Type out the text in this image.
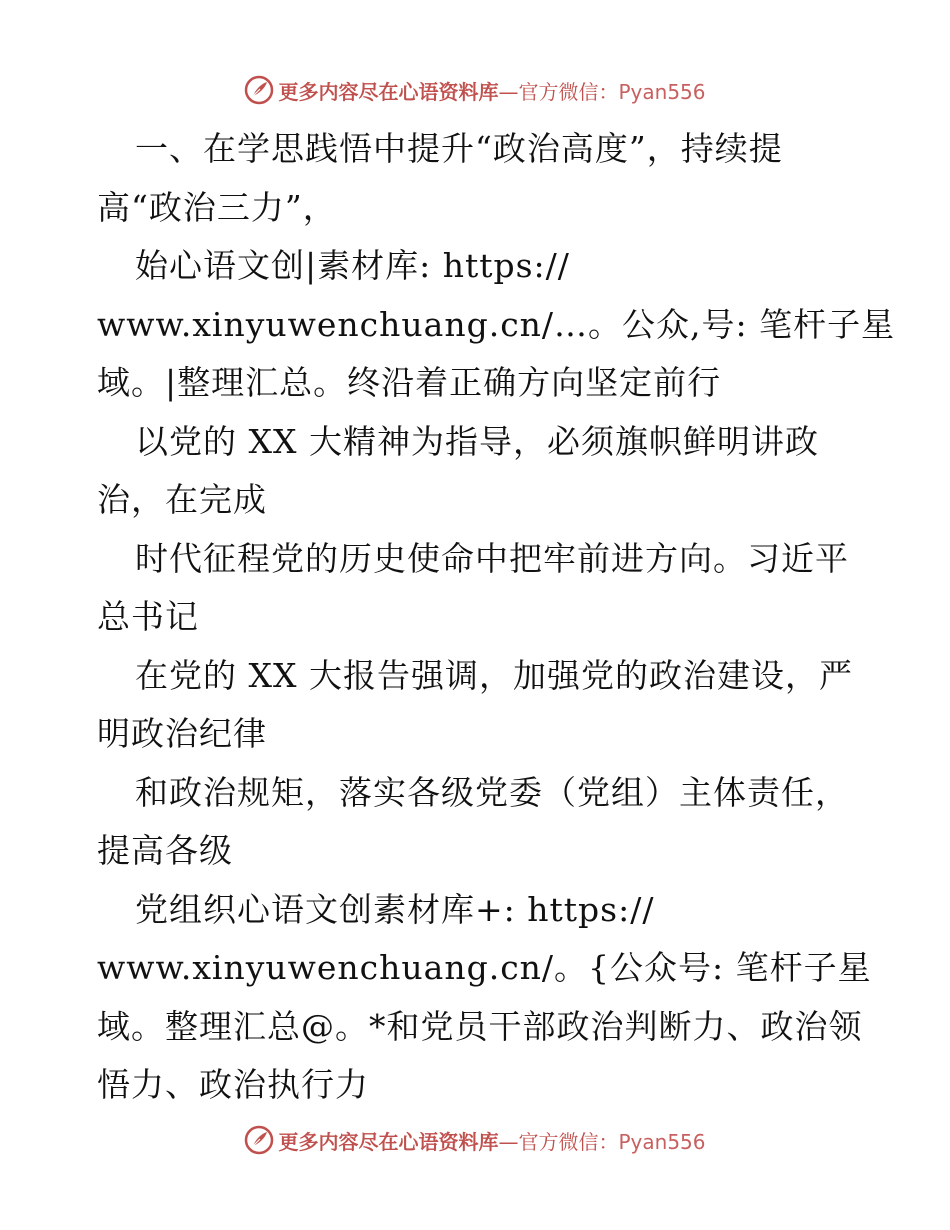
更多内容尽在心语资料库—官方微信：Pyan556
一、在学思践悟中提升“政治高度”，持续提
高“政治三力”，
始心语文创|素材库: https://
www.xinyuwenchuang.cn/…。公众,号: 笔杆子星
域。|整理汇总。终沿着正确方向坚定前行
以党的 XX 大精神为指导，必须旗帜鲜明讲政
治，在完成
时代征程党的历史使命中把牢前进方向。习近平
总书记
在党的 XX 大报告强调，加强党的政治建设，严
明政治纪律
和政治规矩，落实各级党委（党组）主体责任，
提高各级
党组织心语文创素材库+: https://
www.xinyuwenchuang.cn/。{公众号: 笔杆子星
域。整理汇总@。*和党员干部政治判断力、政治领
悟力、政治执行力
更多内容尽在心语资料库—官方微信：Pyan556
